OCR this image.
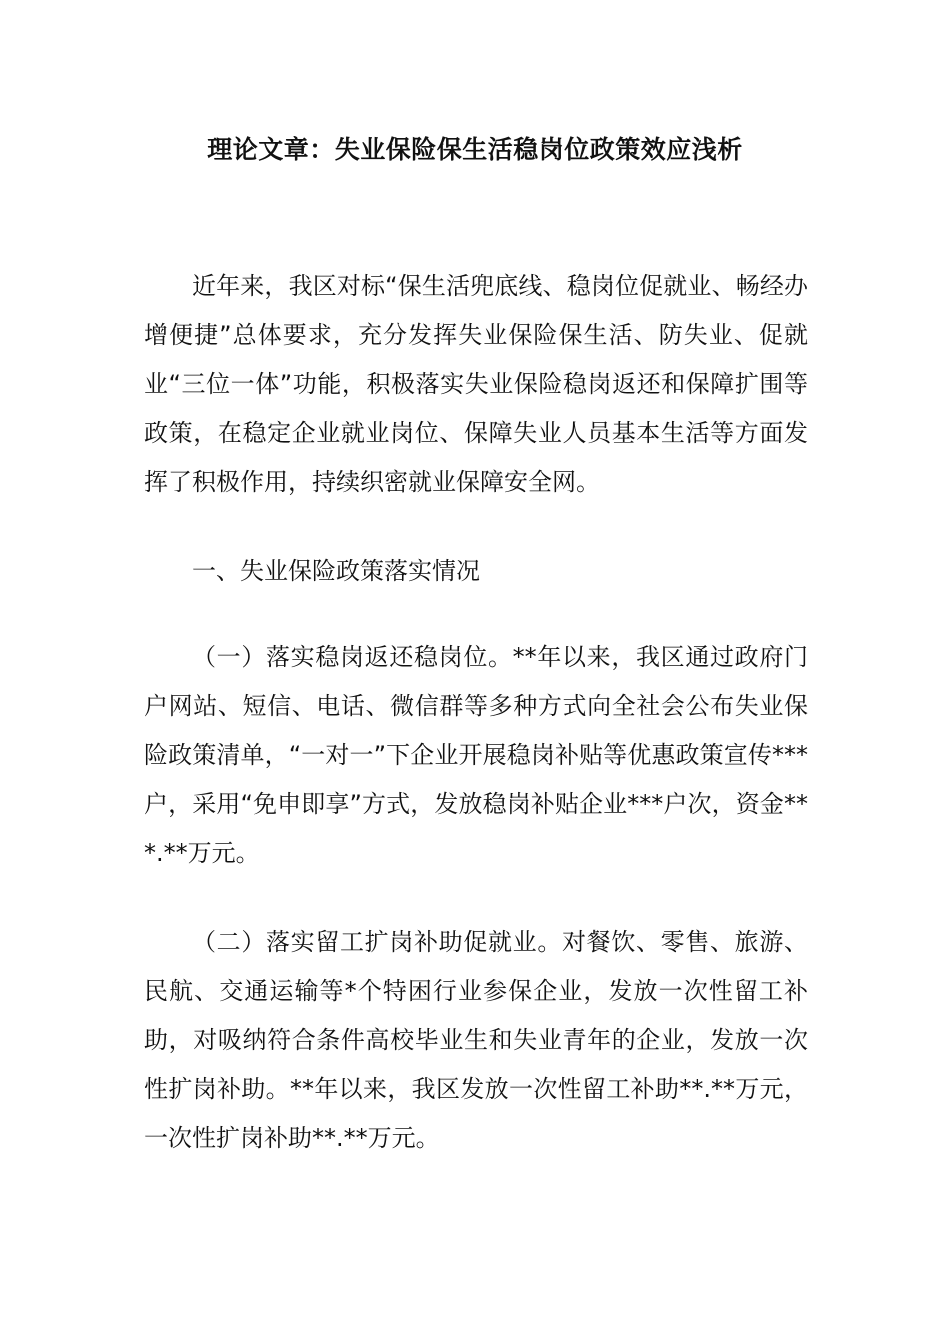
理论文章：失业保险保生活稳岗位政策效应浅析

近年来，我区对标“保生活兜底线、稳岗位促就业、畅经办增便捷”总体要求，充分发挥失业保险保生活、防失业、促就业“三位一体”功能，积极落实失业保险稳岗返还和保障扩围等政策，在稳定企业就业岗位、保障失业人员基本生活等方面发挥了积极作用，持续织密就业保障安全网。

一、失业保险政策落实情况

（一）落实稳岗返还稳岗位。**年以来，我区通过政府门户网站、短信、电话、微信群等多种方式向全社会公布失业保险政策清单，“一对一”下企业开展稳岗补贴等优惠政策宣传***户，采用“免申即享”方式，发放稳岗补贴企业***户次，资金***.**万元。

（二）落实留工扩岗补助促就业。对餐饮、零售、旅游、民航、交通运输等*个特困行业参保企业，发放一次性留工补助，对吸纳符合条件高校毕业生和失业青年的企业，发放一次性扩岗补助。**年以来，我区发放一次性留工补助**.**万元，一次性扩岗补助**.**万元。
